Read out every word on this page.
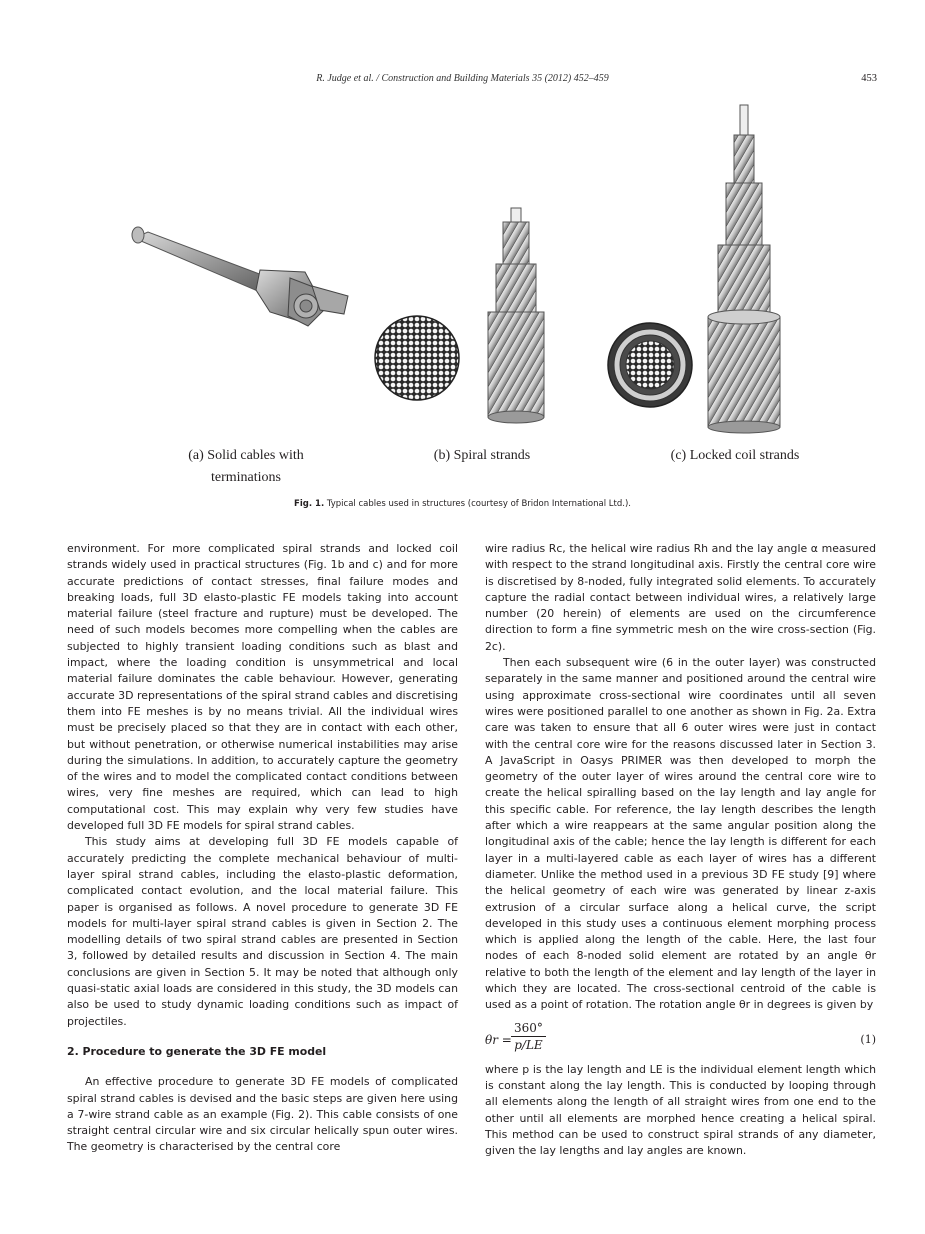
R. Judge et al. / Construction and Building Materials 35 (2012) 452–459	453
(a) Solid cables with terminations
(b) Spiral strands	(c) Locked coil strands
Fig. 1. Typical cables used in structures (courtesy of Bridon International Ltd.).

environment. For more complicated spiral strands and locked coil strands widely used in practical structures (Fig. 1b and c) and for more accurate predictions of contact stresses, final failure modes and breaking loads, full 3D elasto-plastic FE models taking into account material failure (steel fracture and rupture) must be developed. The need of such models becomes more compelling when the cables are subjected to highly transient loading conditions such as blast and impact, where the loading condition is unsymmetrical and local material failure dominates the cable behaviour. However, generating accurate 3D representations of the spiral strand cables and discretising them into FE meshes is by no means trivial. All the individual wires must be precisely placed so that they are in contact with each other, but without penetration, or otherwise numerical instabilities may arise during the simulations. In addition, to accurately capture the geometry of the wires and to model the complicated contact conditions between wires, very fine meshes are required, which can lead to high computational cost. This may explain why very few studies have developed full 3D FE models for spiral strand cables.

This study aims at developing full 3D FE models capable of accurately predicting the complete mechanical behaviour of multi-layer spiral strand cables, including the elasto-plastic deformation, complicated contact evolution, and the local material failure. This paper is organised as follows. A novel procedure to generate 3D FE models for multi-layer spiral strand cables is given in Section 2. The modelling details of two spiral strand cables are presented in Section 3, followed by detailed results and discussion in Section 4. The main conclusions are given in Section 5. It may be noted that although only quasi-static axial loads are considered in this study, the 3D models can also be used to study dynamic loading conditions such as impact of projectiles.

2. Procedure to generate the 3D FE model

An effective procedure to generate 3D FE models of complicated spiral strand cables is devised and the basic steps are given here using a 7-wire strand cable as an example (Fig. 2). This cable consists of one straight central circular wire and six circular helically spun outer wires. The geometry is characterised by the central core

wire radius Rc, the helical wire radius Rh and the lay angle α measured with respect to the strand longitudinal axis. Firstly the central core wire is discretised by 8-noded, fully integrated solid elements. To accurately capture the radial contact between individual wires, a relatively large number (20 herein) of elements are used on the circumference direction to form a fine symmetric mesh on the wire cross-section (Fig. 2c).

Then each subsequent wire (6 in the outer layer) was constructed separately in the same manner and positioned around the central wire using approximate cross-sectional wire coordinates until all seven wires were positioned parallel to one another as shown in Fig. 2a. Extra care was taken to ensure that all 6 outer wires were just in contact with the central core wire for the reasons discussed later in Section 3. A JavaScript in Oasys PRIMER was then developed to morph the geometry of the outer layer of wires around the central core wire to create the helical spiralling based on the lay length and lay angle for this specific cable. For reference, the lay length describes the length after which a wire reappears at the same angular position along the longitudinal axis of the cable; hence the lay length is different for each layer in a multi-layered cable as each layer of wires has a different diameter. Unlike the method used in a previous 3D FE study [9] where the helical geometry of each wire was generated by linear z-axis extrusion of a circular surface along a helical curve, the script developed in this study uses a continuous element morphing process which is applied along the length of the cable. Here, the last four nodes of each 8-noded solid element are rotated by an angle θr relative to both the length of the element and lay length of the layer in which they are located. The cross-sectional centroid of the cable is used as a point of rotation. The rotation angle θr in degrees is given by

$\theta r = \frac{360^\circ}{p/LE}$	(1)

where p is the lay length and LE is the individual element length which is constant along the lay length. This is conducted by looping through all elements along the length of all straight wires from one end to the other until all elements are morphed hence creating a helical spiral. This method can be used to construct spiral strands of any diameter, given the lay lengths and lay angles are known.
